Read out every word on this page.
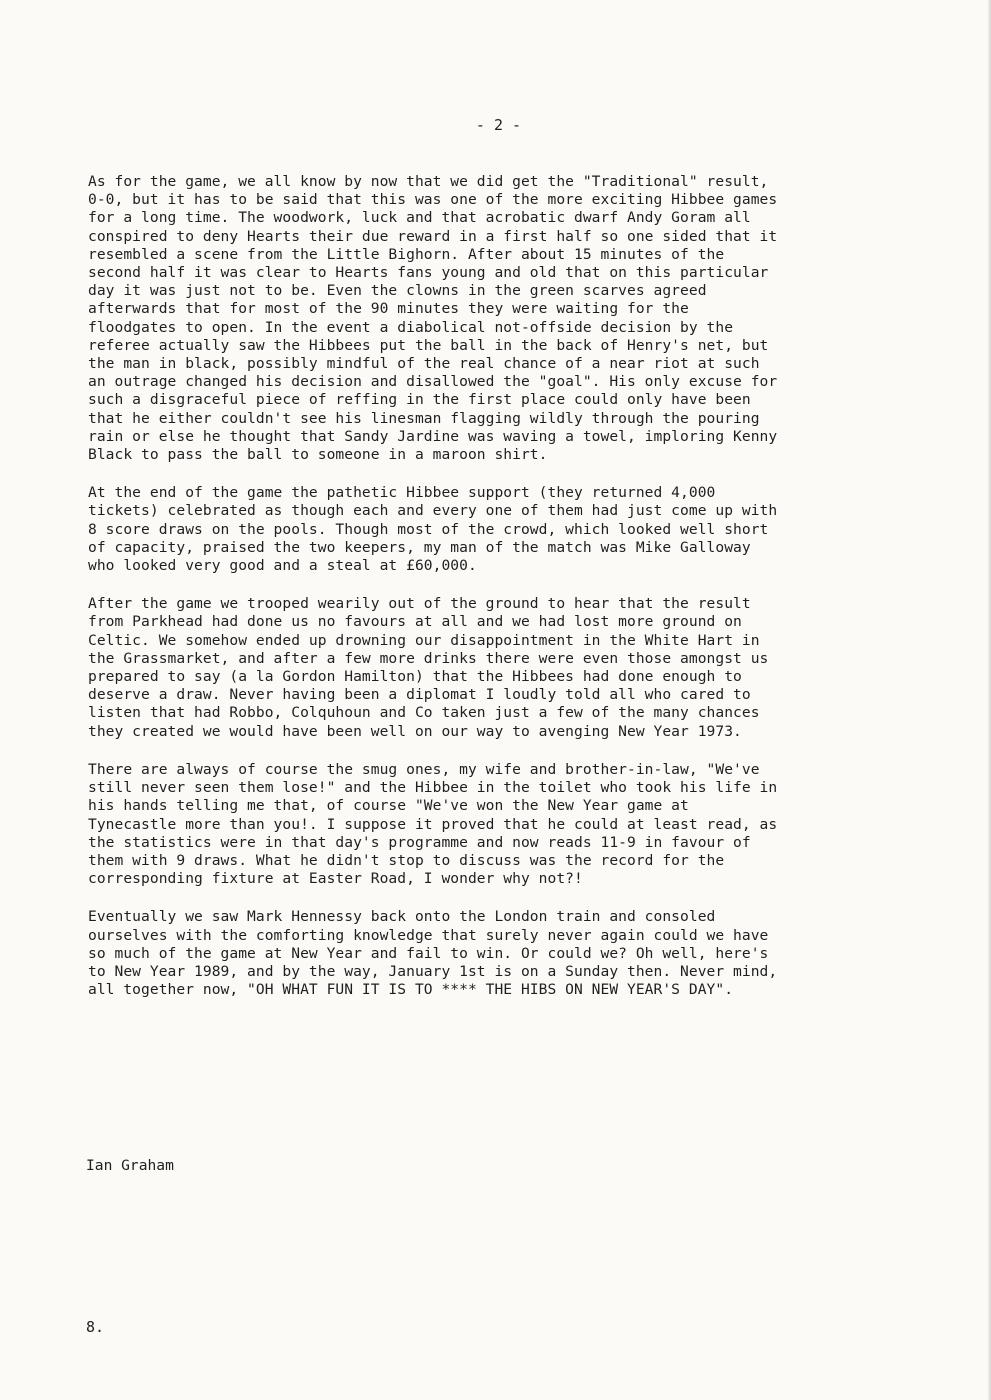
- 2 -
As for the game, we all know by now that we did get the "Traditional" result,
0-0, but it has to be said that this was one of the more exciting Hibbee games
for a long time. The woodwork, luck and that acrobatic dwarf Andy Goram all
conspired to deny Hearts their due reward in a first half so one sided that it
resembled a scene from the Little Bighorn. After about 15 minutes of the
second half it was clear to Hearts fans young and old that on this particular
day it was just not to be. Even the clowns in the green scarves agreed
afterwards that for most of the 90 minutes they were waiting for the
floodgates to open. In the event a diabolical not-offside decision by the
referee actually saw the Hibbees put the ball in the back of Henry's net, but
the man in black, possibly mindful of the real chance of a near riot at such
an outrage changed his decision and disallowed the "goal". His only excuse for
such a disgraceful piece of reffing in the first place could only have been
that he either couldn't see his linesman flagging wildly through the pouring
rain or else he thought that Sandy Jardine was waving a towel, imploring Kenny
Black to pass the ball to someone in a maroon shirt.
At the end of the game the pathetic Hibbee support (they returned 4,000
tickets) celebrated as though each and every one of them had just come up with
8 score draws on the pools. Though most of the crowd, which looked well short
of capacity, praised the two keepers, my man of the match was Mike Galloway
who looked very good and a steal at £60,000.
After the game we trooped wearily out of the ground to hear that the result
from Parkhead had done us no favours at all and we had lost more ground on
Celtic. We somehow ended up drowning our disappointment in the White Hart in
the Grassmarket, and after a few more drinks there were even those amongst us
prepared to say (a la Gordon Hamilton) that the Hibbees had done enough to
deserve a draw. Never having been a diplomat I loudly told all who cared to
listen that had Robbo, Colquhoun and Co taken just a few of the many chances
they created we would have been well on our way to avenging New Year 1973.
There are always of course the smug ones, my wife and brother-in-law, "We've
still never seen them lose!" and the Hibbee in the toilet who took his life in
his hands telling me that, of course "We've won the New Year game at
Tynecastle more than you!. I suppose it proved that he could at least read, as
the statistics were in that day's programme and now reads 11-9 in favour of
them with 9 draws. What he didn't stop to discuss was the record for the
corresponding fixture at Easter Road, I wonder why not?!
Eventually we saw Mark Hennessy back onto the London train and consoled
ourselves with the comforting knowledge that surely never again could we have
so much of the game at New Year and fail to win. Or could we? Oh well, here's
to New Year 1989, and by the way, January 1st is on a Sunday then. Never mind,
all together now, "OH WHAT FUN IT IS TO **** THE HIBS ON NEW YEAR'S DAY".
Ian Graham
8.
